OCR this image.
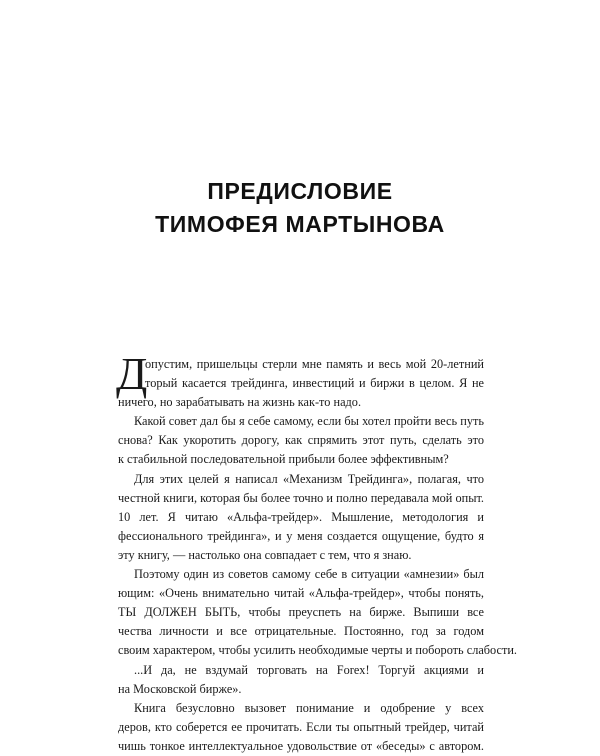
ПРЕДИСЛОВИЕ
ТИМОФЕЯ МАРТЫНОВА
Д
опустим, пришельцы стерли мне память и весь мой 20-летний
торый касается трейдинга, инвестиций и биржи в целом. Я не
ничего, но зарабатывать на жизнь как-то надо.
Какой совет дал бы я себе самому, если бы хотел пройти весь путь
снова? Как укоротить дорогу, как спрямить этот путь, сделать это
к стабильной последовательной прибыли более эффективным?
Для этих целей я написал «Механизм Трейдинга», полагая, что
честной книги, которая бы более точно и полно передавала мой опыт.
10 лет. Я читаю «Альфа-трейдер». Мышление, методология и
фессионального трейдинга», и у меня создается ощущение, будто я
эту книгу, — настолько она совпадает с тем, что я знаю.
Поэтому один из советов самому себе в ситуации «амнезии» был
ющим: «Очень внимательно читай «Альфа-трейдер», чтобы понять,
ТЫ ДОЛЖЕН БЫТЬ, чтобы преуспеть на бирже. Выпиши все
чества личности и все отрицательные. Постоянно, год за годом
своим характером, чтобы усилить необходимые черты и побороть слабости.
...И да, не вздумай торговать на Forex! Торгуй акциями и
на Московской бирже».
Книга безусловно вызовет понимание и одобрение у всех
деров, кто соберется ее прочитать. Если ты опытный трейдер, читай
чишь тонкое интеллектуальное удовольствие от «беседы» с автором.
